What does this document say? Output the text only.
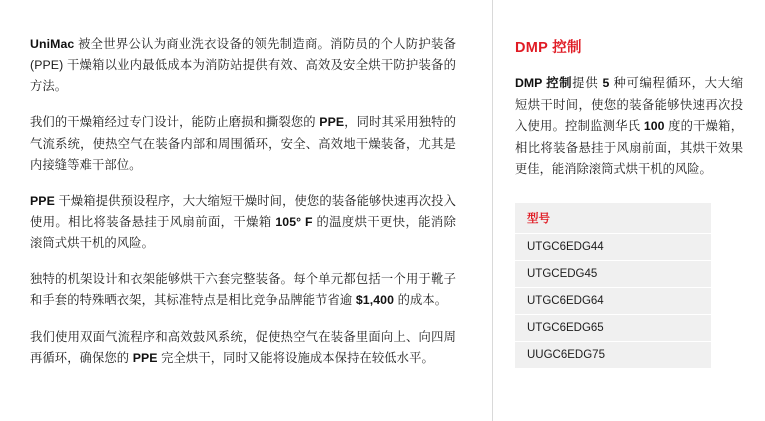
UniMac 被全世界公认为商业洗衣设备的领先制造商。消防员的个人防护装备 (PPE) 干燥箱以业内最低成本为消防站提供有效、高效及安全烘干防护装备的方法。

我们的干燥箱经过专门设计，能防止磨损和撕裂您的 PPE，同时其采用独特的气流系统，使热空气在装备内部和周围循环，安全、高效地干燥装备，尤其是内接缝等难干部位。

PPE 干燥箱提供预设程序，大大缩短干燥时间，使您的装备能够快速再次投入使用。相比将装备悬挂于风扇前面，干燥箱 105° F 的温度烘干更快，能消除滚筒式烘干机的风险。

独特的机架设计和衣架能够烘干六套完整装备。每个单元都包括一个用于靴子和手套的特殊晒衣架，其标准特点是相比竞争品牌能节省逾 $1,400 的成本。

我们使用双面气流程序和高效鼓风系统，促使热空气在装备里面向上、向四周再循环，确保您的 PPE 完全烘干，同时又能将设施成本保持在较低水平。

DMP 控制

DMP 控制提供 5 种可编程循环，大大缩短烘干时间，使您的装备能够快速再次投入使用。控制监测华氏 100 度的干燥箱，相比将装备悬挂于风扇前面，其烘干效果更佳，能消除滚筒式烘干机的风险。

型号
UTGC6EDG44
UTGCEDG45
UTGC6EDG64
UTGC6EDG65
UUGC6EDG75
